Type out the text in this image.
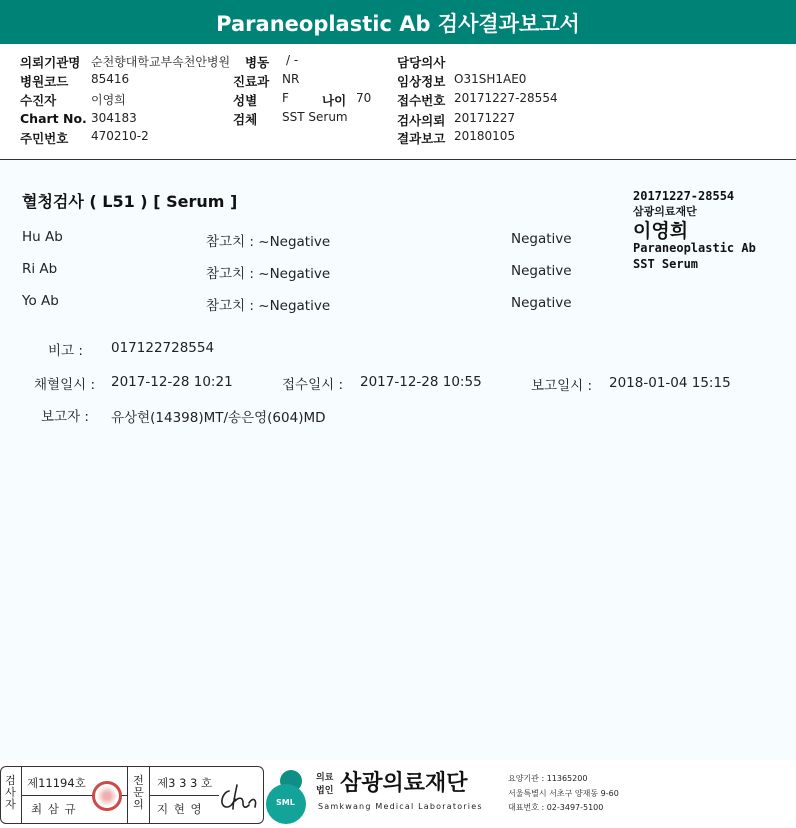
Paraneoplastic Ab 검사결과보고서
의뢰기관명 순천향대학교부속천안병원 병동 / -	담당의사
병원코드 85416	진료과 NR	임상정보 O31SH1AE0
수진자	이영희	성별 F	나이 70 접수번호 20171227-28554
Chart No. 304183	검체 SST Serum	검사의뢰 20171227
주민번호 470210-2	결과보고 20180105
혈청검사 ( L51 ) [ Serum ]	20171227-28554
삼광의료재단
이영희
Paraneoplastic Ab
SST Serum
Hu Ab	참고치 : ~Negative	Negative
Ri Ab	참고치 : ~Negative	Negative
Yo Ab	참고치 : ~Negative	Negative
비고 : 017122728554
채혈일시 : 2017-12-28 10:21	접수일시 : 2017-12-28 10:55	보고일시 : 2018-01-04 15:15
보고자 : 유상현(14398)MT/송은영(604)MD
검사자
제11194호
최 삼 규
전문의
제3 3 3 호
지 현 영	SML
의료
법인 삼광의료재단
Samkwang Medical Laboratories
요양기관 : 11365200
서울특별시 서초구 양재동 9-60
대표번호 : 02-3497-5100
